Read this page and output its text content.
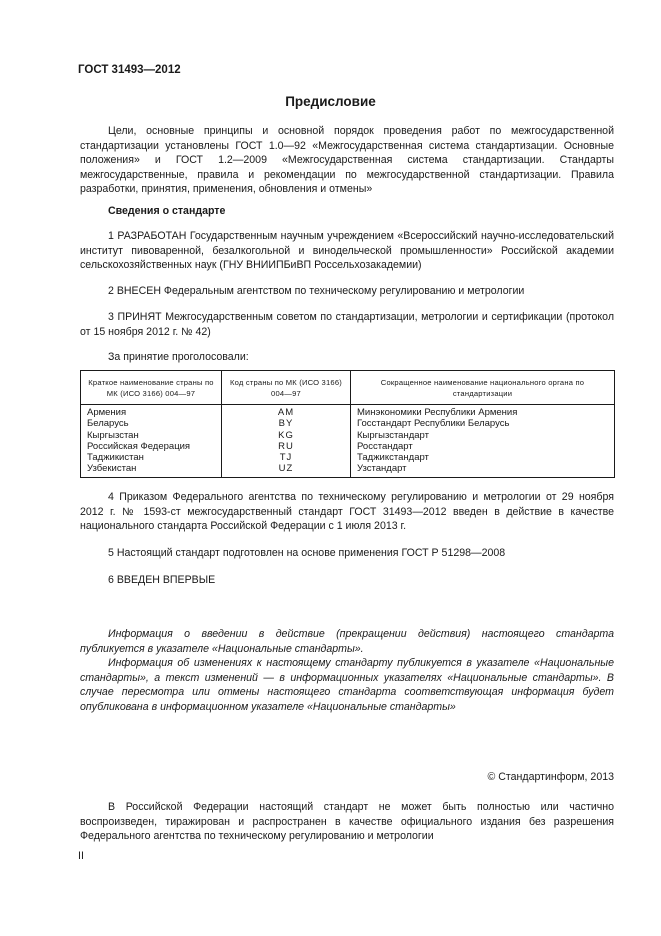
ГОСТ 31493—2012
Предисловие

Цели, основные принципы и основной порядок проведения работ по межгосударственной стандартизации установлены ГОСТ 1.0—92 «Межгосударственная система стандартизации. Основные положения» и ГОСТ 1.2—2009 «Межгосударственная система стандартизации. Стандарты межгосударственные, правила и рекомендации по межгосударственной стандартизации. Правила разработки, принятия, применения, обновления и отмены»

Сведения о стандарте

1 РАЗРАБОТАН Государственным научным учреждением «Всероссийский научно-исследовательский институт пивоваренной, безалкогольной и винодельческой промышленности» Российской академии сельскохозяйственных наук (ГНУ ВНИИПБиВП Россельхозакадемии)

2 ВНЕСЕН Федеральным агентством по техническому регулированию и метрологии

3 ПРИНЯТ Межгосударственным советом по стандартизации, метрологии и сертификации (протокол от 15 ноября 2012 г. № 42)

За принятие проголосовали:
Краткое наименование страны по МК (ИСО 3166) 004—97	Код страны по МК (ИСО 3166) 004—97	Сокращенное наименование национального органа по стандартизации
Армения	AM	Минэкономики Республики Армения
Беларусь	BY	Госстандарт Республики Беларусь
Кыргызстан	KG	Кыргызстандарт
Российская Федерация	RU	Росстандарт
Таджикистан	TJ	Таджикстандарт
Узбекистан	UZ	Узстандарт

4 Приказом Федерального агентства по техническому регулированию и метрологии от 29 ноября 2012 г. № 1593-ст межгосударственный стандарт ГОСТ 31493—2012 введен в действие в качестве национального стандарта Российской Федерации с 1 июля 2013 г.

5 Настоящий стандарт подготовлен на основе применения ГОСТ Р 51298—2008

6 ВВЕДЕН ВПЕРВЫЕ

Информация о введении в действие (прекращении действия) настоящего стандарта публикуется в указателе «Национальные стандарты».

Информация об изменениях к настоящему стандарту публикуется в указателе «Национальные стандарты», а текст изменений — в информационных указателях «Национальные стандарты». В случае пересмотра или отмены настоящего стандарта соответствующая информация будет опубликована в информационном указателе «Национальные стандарты»

© Стандартинформ, 2013

В Российской Федерации настоящий стандарт не может быть полностью или частично воспроизведен, тиражирован и распространен в качестве официального издания без разрешения Федерального агентства по техническому регулированию и метрологии

II
